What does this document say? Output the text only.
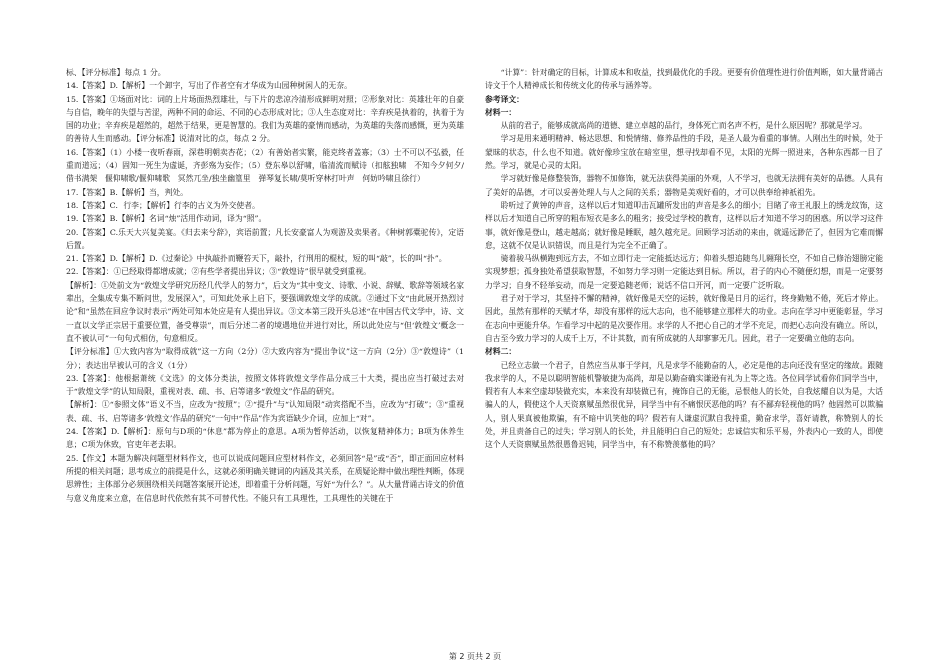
标、【评分标准】每点 1 分。

14.【答案】D.【解析】一个卸字，写出了作者空有才华成为山园种树闲人的无奈。

15.【答案】①场面对比：词的上片场面热烈雄壮，与下片的悲凉冷清形成鲜明对照；②形象对比：英雄壮年的自豪与自信，晚年的失望与苦涩，两种不同的命运、不同的心态形成对比；③人生态度对比：辛弃疾是执着的，执着于为国的功业；辛弃疾是超然的，超然于结果，更是智慧的。我们为英雄的豪情而感动，为英雄的失落而感慨，更为英雄的善待人生而感动。【评分标准】说清对比的点，每点 2 分。

16.【答案】（1）小楼一夜听春雨，深巷明朝卖杏花；（2）有善始者实繁，能克终者盖寡；（3）士不可以不弘毅，任重而道远；（4）固知一死生为虚诞，齐彭殇为妄作；（5）登东皋以舒啸，临清流而赋诗（扣舷独啸　不知今夕何夕/借书满架　偃仰啸歌/偃仰啸歌　冥然兀坐/独坐幽篁里　弹琴复长啸/莫听穿林打叶声　何妨吟啸且徐行）

17.【答案】B.【解析】当，判处。

18.【答案】C．行李；【解析】行李的古义为外交使者。

19.【答案】B.【解析】名词“烛”活用作动词，译为“照”。

20.【答案】C.乐天大兴复美宴。《归去来兮辞》，宾语前置；凡长安豪富人为观游及卖果者。《种树郭橐驼传》，定语后置。

21.【答案】D.【解析】D.《过秦论》中执敲扑而鞭笞天下，敲扑，行刑用的棍杖，短的叫“敲”，长的叫“扑”。

22.【答案】：①已经取得都增成就；②有些学者提出异议；③“敦煌诗”很早就受到重视。

【解析】：①处前文为“敦煌文学研究历经几代学人的努力”，后文为“其中变文、诗歌、小说、辞赋、歌辞等领域名家辈出，全集成专集不断问世，发展深入”，可知此处承上启下，要强调敦煌文学的成就。②通过下文“由此展开热烈讨论”和“虽然在回应争议时表示”两处可知本处应是有人提出异议。③文本第三段开头总述“在中国古代文学中，诗、文一直以文学正宗居于重要位置，备受尊崇”，而后分述二者的境遇地位并进行对比，所以此处应与“但‘敦煌文’概念一直不被认可”一句句式相仿，句意相反。

【评分标准】①大致内容为“取得成就”这一方向（2分）②大致内容为“提出争议”这一方向（2分）③“敦煌诗”（1分）；表达出早被认可的含义（1分）

23.【答案】：他根据萧统《文选》的文体分类法，按照文体将敦煌文学作品分成三十大类，提出应当打破过去对于“敦煌文学”的认知局限，重视对表、疏、书、启等诸多“敦煌文”作品的研究。

【解析】：①“参照文体”语义不当，应改为“按照”；②“提升”与“认知局限”动宾搭配不当，应改为“打破”；③“重视表、疏、书、启等诸多‘敦煌文’作品的研究”一句中“作品”作为宾语缺少介词，应加上“对”。

24.【答案】D.【解析】：原句与D项的“休息”都为停止的意思。A项为暂停活动，以恢复精神体力；B项为休养生息；C项为休致，官吏年老去职。

25.【作文】本题为解决问题型材料作文，也可以说成问题回应型材料作文，必须回答“是”或“否”，即正面回应材料所提的相关问题；思考成立的前提是什么，这就必须明确关键词的内涵及其关系，在质疑论辩中做出理性判断，体现思辨性；主体部分必须围绕相关问题答案展开论述，即着重于分析问题，写好“为什么？”。从大量背诵古诗文的价值与意义角度来立意，在信息时代依然有其不可替代性。不能只有工具理性，工具理性的关键在于

“计算”：针对确定的目标，计算成本和收益，找到最优化的手段。更要有价值理性进行价值判断，如大量背诵古诗文于个人精神成长和传统文化的传承与涵养等。

参考译文：

材料一：

从前的君子，能够成就高尚的道德、建立卓越的品行，身体死亡而名声不朽，是什么原因呢？那就是学习。

学习是用来通明精神、畅达思想、和悦情绪、修养品性的手段，是圣人最为看重的事情。人刚出生的时候，处于蒙昧的状态，什么也不知道。就好像珍宝放在暗室里，想寻找却看不见，太阳的光辉一照进来，各种东西都一目了然。学习，就是心灵的太阳。

学习就好像是修整装饰，器物不加修饰，就无法获得美丽的外观，人不学习，也就无法拥有美好的品德。人具有了美好的品德，才可以妥善处理人与人之间的关系；器物是美观好看的，才可以供奉给神祇祖先。

聆听过了黄钟的声音，这样以后才知道叩击瓦罐所发出的声音是多么的细小；目睹了帝王礼服上的绣龙纹饰，这样以后才知道自己所穿的粗布短衣是多么的粗劣；接受过学校的教育，这样以后才知道不学习的困惑。所以学习这件事，就好像是登山，越走越高；就好像是睡眠，越久越充足。回顾学习活动的来由，就遥远渺茫了，但因为它难而懈怠，这就不仅是认识错误，而且是行为完全不正确了。

骑着骏马纵横跑到远方去，不如立即行走一定能抵达远方；仰着头想追随鸟儿翱翔长空，不如自己修治翅膀定能实现梦想；孤身独处希望获取智慧，不如努力学习则一定能达到目标。所以，君子的内心不随便幻想，而是一定要努力学习；自身不轻举妄动，而是一定要追随老师；说话不信口开河，而一定要广泛听取。

君子对于学习，其坚持不懈的精神，就好像是天空的运转，就好像是日月的运行，终身勤勉不倦，死后才停止。因此，虽然有那样的天赋才华，却没有那样的远大志向，也不能够建立那样大的功业。志向在学习中更能彰显，学习在志向中更能升华。乍看学习中起的是次要作用。求学的人不把心自己的才学不充足，而把心志向没有确立。所以，自古至今致力学习的人成千上万，不计其数，而有所成就的人却寥寥无几。因此，君子一定要确立他的志向。

材料二：

已经立志做一个君子，自然应当从事于学问，凡是求学不能勤奋的人，必定是他的志向还没有坚定的缘故。跟随我求学的人，不是以聪明智能机警敏捷为高尚，却是以勤奋确实谦逊有礼为上等之选。各位同学试看你们同学当中，假若有人本来空虚却装做充实，本来没有却装做已有，掩饰自己的无能，忌恨他人的长处，自我炫耀自以为是，大话骗人的人，假使这个人天资禀赋虽然很优异，同学当中有不痛恨厌恶他的吗？有不鄙弃轻视他的吗？他固然可以欺骗人，别人果真被他欺骗，有不暗中讥笑他的吗？假若有人谦虚沉默自我持重，勤奋求学，喜好请教，称赞别人的长处，并且责备自己的过失；学习别人的长处，并且能明白自己的短处；忠诚信实和乐平易，外表内心一致的人，即使这个人天资禀赋虽然很愚鲁迟钝，同学当中，有不称赞羡慕他的吗？

第 2 页共 2 页
